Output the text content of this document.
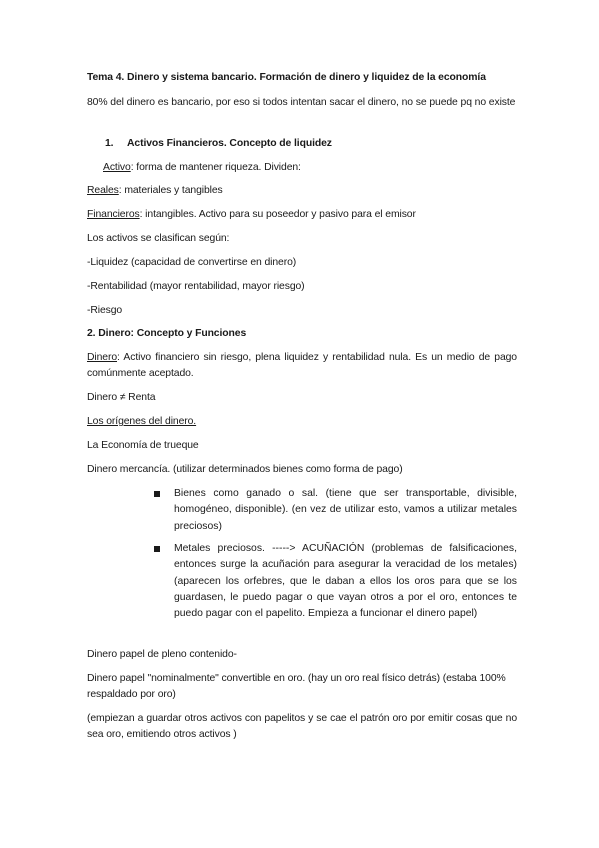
Tema 4. Dinero y sistema bancario. Formación de dinero y liquidez de la economía
80% del dinero es bancario, por eso si todos intentan sacar el dinero, no se puede pq no existe
1. Activos Financieros. Concepto de liquidez
Activo: forma de mantener riqueza. Dividen:
Reales: materiales y tangibles
Financieros: intangibles. Activo para su poseedor y pasivo para el emisor
Los activos se clasifican según:
-Liquidez (capacidad de convertirse en dinero)
-Rentabilidad (mayor rentabilidad, mayor riesgo)
-Riesgo
2. Dinero: Concepto y Funciones
Dinero: Activo financiero sin riesgo, plena liquidez y rentabilidad nula. Es un medio de pago comúnmente aceptado.
Dinero ≠ Renta
Los orígenes del dinero.
La Economía de trueque
Dinero mercancía. (utilizar determinados bienes como forma de pago)
Bienes como ganado o sal. (tiene que ser transportable, divisible, homogéneo, disponible). (en vez de utilizar esto, vamos a utilizar metales preciosos)
Metales preciosos. -----> ACUÑACIÓN (problemas de falsificaciones, entonces surge la acuñación para asegurar la veracidad de los metales) (aparecen los orfebres, que le daban a ellos los oros para que se los guardasen, le puedo pagar o que vayan otros a por el oro, entonces te puedo pagar con el papelito. Empieza a funcionar el dinero papel)
Dinero papel de pleno contenido-
Dinero papel "nominalmente" convertible en oro. (hay un oro real físico detrás) (estaba 100% respaldado por oro)
(empiezan a guardar otros activos con papelitos y se cae el patrón oro por emitir cosas que no sea oro, emitiendo otros activos )
